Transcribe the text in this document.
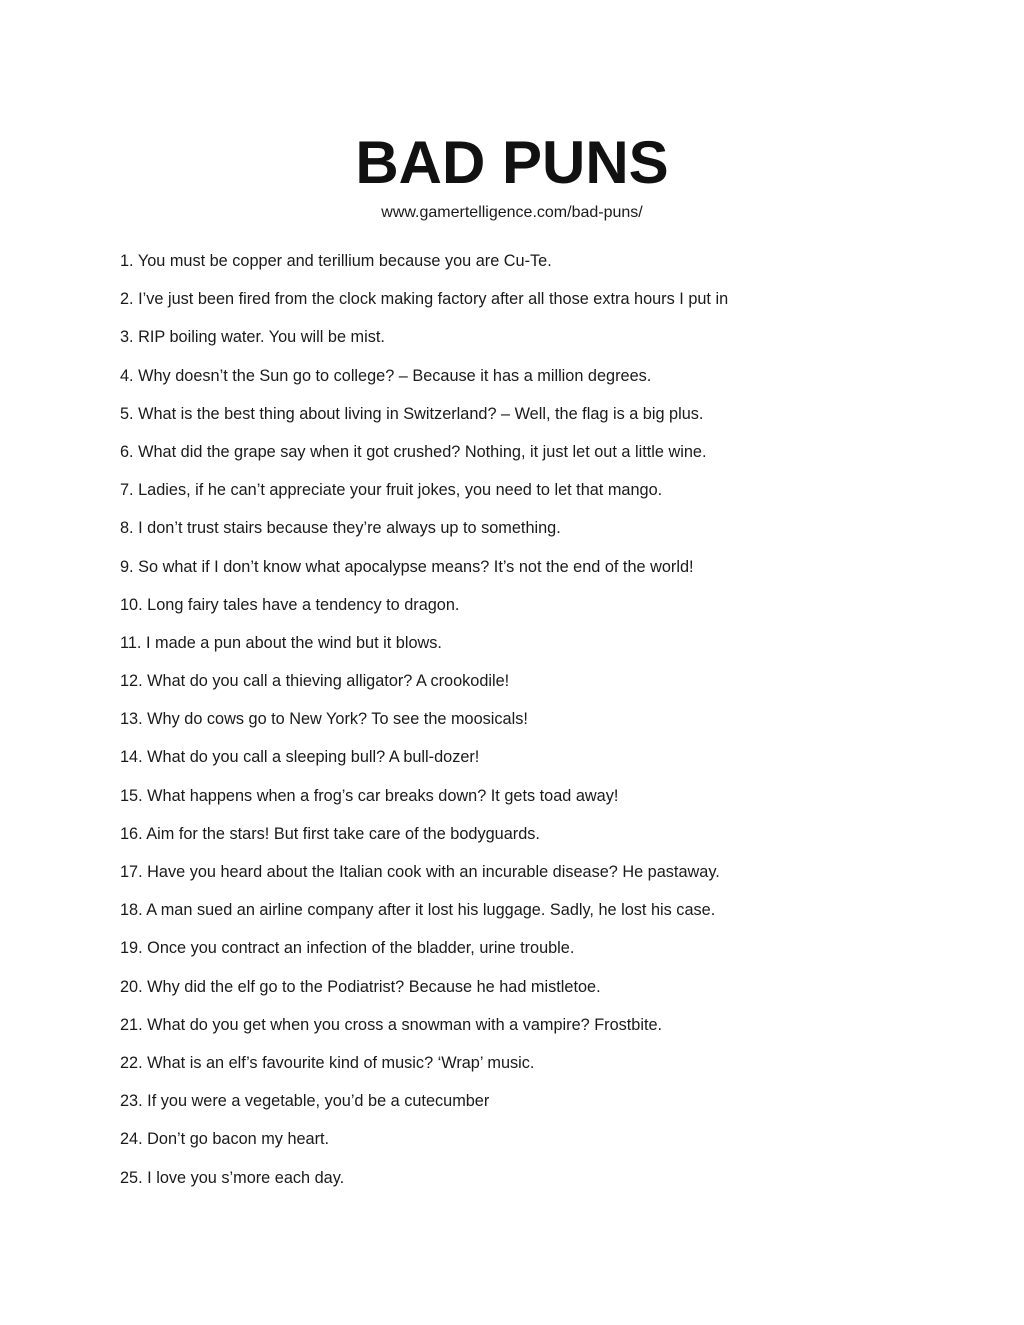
BAD PUNS
www.gamertelligence.com/bad-puns/
1. You must be copper and terillium because you are Cu-Te.
2. I’ve just been fired from the clock making factory after all those extra hours I put in
3. RIP boiling water. You will be mist.
4. Why doesn’t the Sun go to college? – Because it has a million degrees.
5. What is the best thing about living in Switzerland? – Well, the flag is a big plus.
6. What did the grape say when it got crushed? Nothing, it just let out a little wine.
7. Ladies, if he can’t appreciate your fruit jokes, you need to let that mango.
8. I don’t trust stairs because they’re always up to something.
9. So what if I don’t know what apocalypse means? It’s not the end of the world!
10. Long fairy tales have a tendency to dragon.
11. I made a pun about the wind but it blows.
12. What do you call a thieving alligator? A crookodile!
13. Why do cows go to New York? To see the moosicals!
14. What do you call a sleeping bull? A bull-dozer!
15. What happens when a frog’s car breaks down? It gets toad away!
16. Aim for the stars! But first take care of the bodyguards.
17. Have you heard about the Italian cook with an incurable disease? He pastaway.
18. A man sued an airline company after it lost his luggage. Sadly, he lost his case.
19. Once you contract an infection of the bladder, urine trouble.
20. Why did the elf go to the Podiatrist? Because he had mistletoe.
21. What do you get when you cross a snowman with a vampire? Frostbite.
22. What is an elf’s favourite kind of music? ‘Wrap’ music.
23. If you were a vegetable, you’d be a cutecumber
24. Don’t go bacon my heart.
25. I love you s’more each day.
